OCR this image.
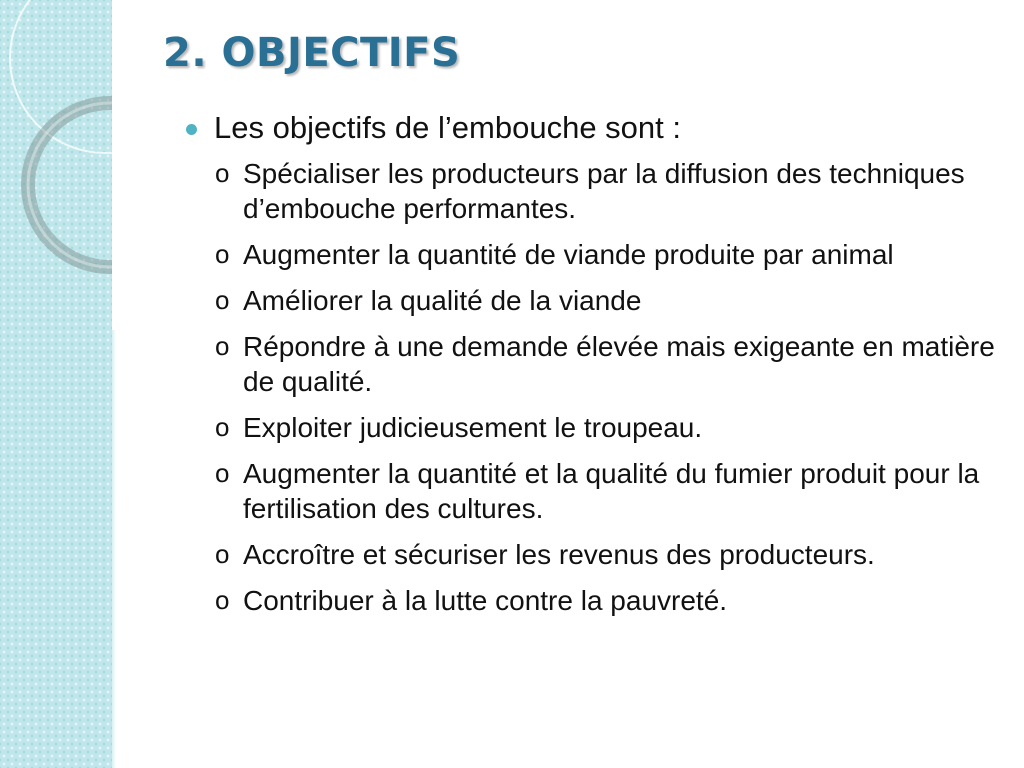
2. OBJECTIFS
Les objectifs de l’embouche sont :
o Spécialiser les producteurs par la diffusion des techniques d’embouche performantes.
o Augmenter la quantité de viande produite par animal
o Améliorer la qualité de la viande
o Répondre à une demande élevée mais exigeante en matière de qualité.
o Exploiter judicieusement le troupeau.
o Augmenter la quantité et la qualité du fumier produit pour la fertilisation des cultures.
o Accroître et sécuriser les revenus des producteurs.
o Contribuer à la lutte contre la pauvreté.
